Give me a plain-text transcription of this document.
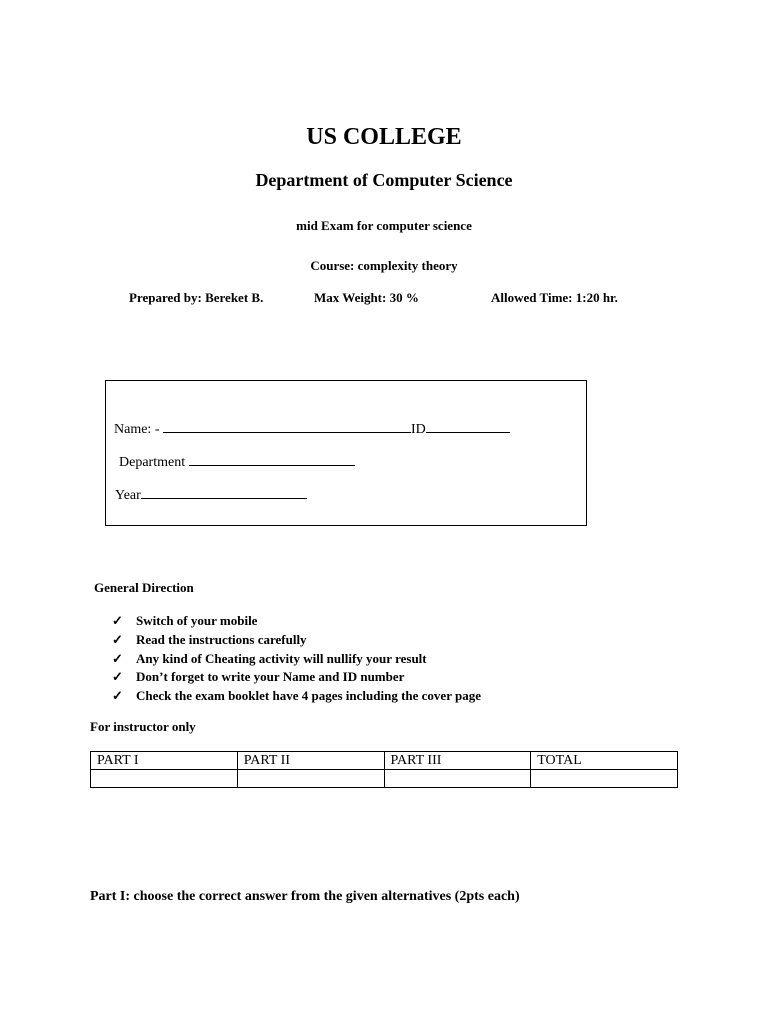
US COLLEGE
Department of Computer Science
mid Exam for computer science
Course: complexity theory
Prepared by: Bereket B.	Max Weight: 30 %	Allowed Time: 1:20 hr.
Name: -	ID
Department
Year
General Direction
✓ Switch of your mobile
✓ Read the instructions carefully
✓ Any kind of Cheating activity will nullify your result
✓ Don’t forget to write your Name and ID number
✓ Check the exam booklet have 4 pages including the cover page
For instructor only
PART I	PART II	PART III	TOTAL

Part I: choose the correct answer from the given alternatives (2pts each)
